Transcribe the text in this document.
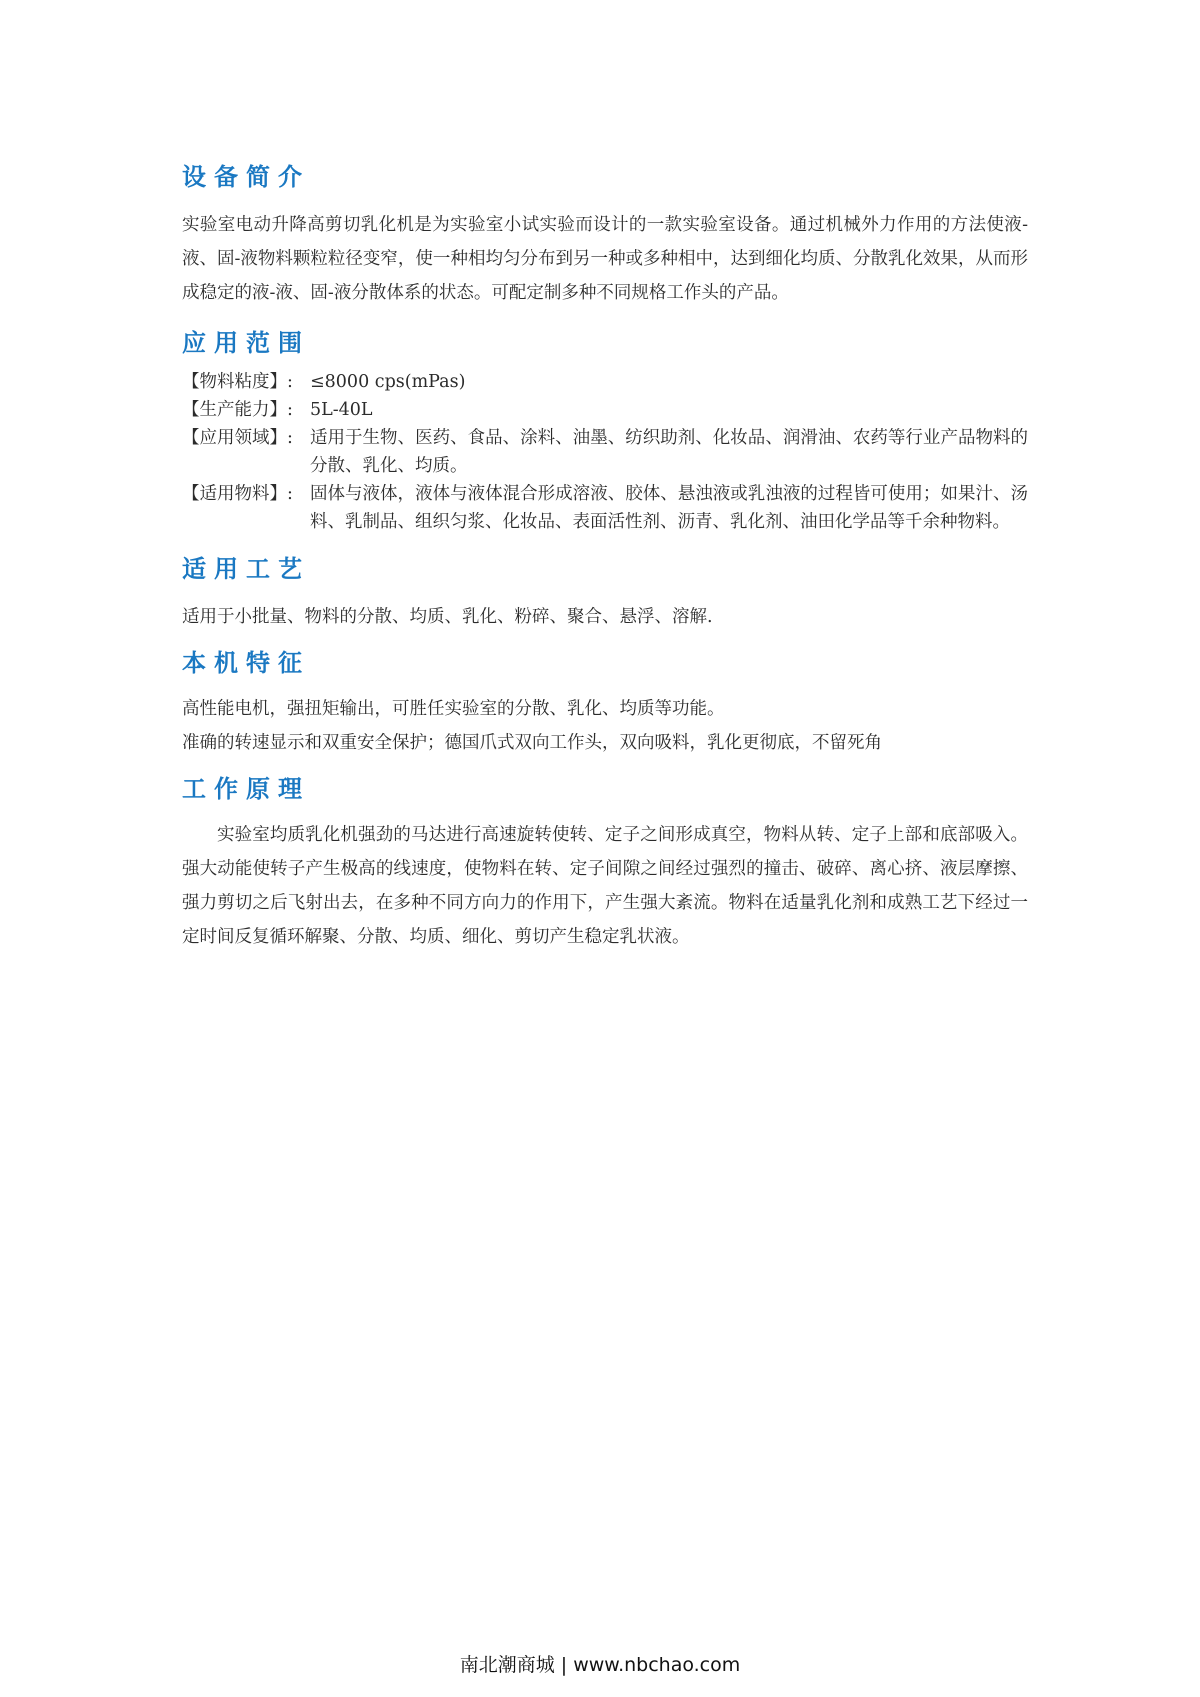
设备简介

实验室电动升降高剪切乳化机是为实验室小试实验而设计的一款实验室设备。通过机械外力作用的方法使液-液、固-液物料颗粒粒径变窄，使一种相均匀分布到另一种或多种相中，达到细化均质、分散乳化效果，从而形成稳定的液-液、固-液分散体系的状态。可配定制多种不同规格工作头的产品。

应用范围
【物料粘度】: ≤8000 cps(mPas)
【生产能力】: 5L-40L
【应用领域】: 适用于生物、医药、食品、涂料、油墨、纺织助剂、化妆品、润滑油、农药等行业产品物料的分散、乳化、均质。
【适用物料】: 固体与液体，液体与液体混合形成溶液、胶体、悬浊液或乳浊液的过程皆可使用；如果汁、汤料、乳制品、组织匀浆、化妆品、表面活性剂、沥青、乳化剂、油田化学品等千余种物料。
适用工艺

适用于小批量、物料的分散、均质、乳化、粉碎、聚合、悬浮、溶解.

本机特征

高性能电机，强扭矩输出，可胜任实验室的分散、乳化、均质等功能。

准确的转速显示和双重安全保护；德国爪式双向工作头，双向吸料，乳化更彻底，不留死角

工作原理

实验室均质乳化机强劲的马达进行高速旋转使转、定子之间形成真空，物料从转、定子上部和底部吸入。强大动能使转子产生极高的线速度，使物料在转、定子间隙之间经过强烈的撞击、破碎、离心挤、液层摩擦、强力剪切之后飞射出去，在多种不同方向力的作用下，产生强大紊流。物料在适量乳化剂和成熟工艺下经过一定时间反复循环解聚、分散、均质、细化、剪切产生稳定乳状液。

南北潮商城 | www.nbchao.com
